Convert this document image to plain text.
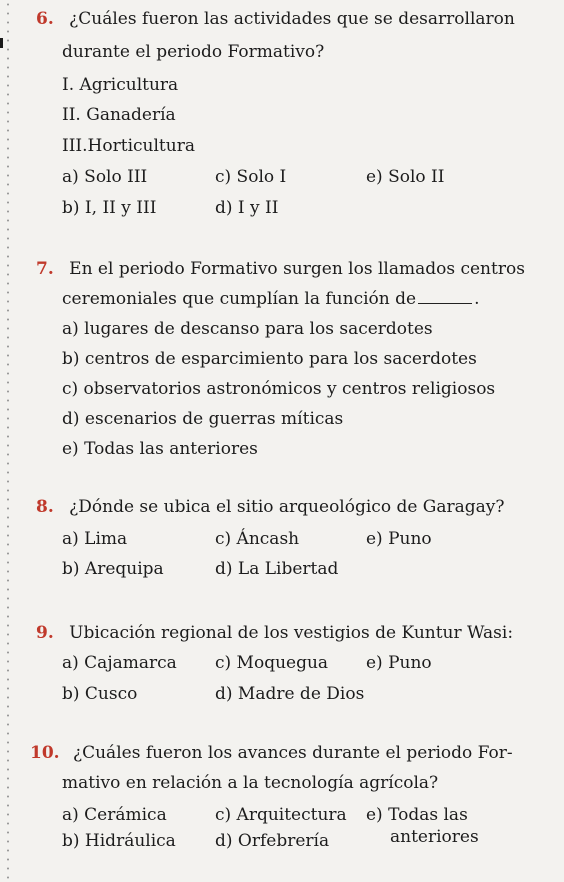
6. ¿Cuáles fueron las actividades que se desarrollaron
durante el periodo Formativo?
I. Agricultura
II. Ganadería
III.Horticultura
a) Solo III	c) Solo I	e) Solo II
b) I, II y III	d) I y II
7. En el periodo Formativo surgen los llamados centros
ceremoniales que cumplían la función de	.
a) lugares de descanso para los sacerdotes
b) centros de esparcimiento para los sacerdotes
c) observatorios astronómicos y centros religiosos
d) escenarios de guerras míticas
e) Todas las anteriores
8. ¿Dónde se ubica el sitio arqueológico de Garagay?
a) Lima	c) Áncash	e) Puno
b) Arequipa	d) La Libertad
9. Ubicación regional de los vestigios de Kuntur Wasi:
a) Cajamarca c) Moquegua e) Puno
b) Cusco	d) Madre de Dios
10. ¿Cuáles fueron los avances durante el periodo For-
mativo en relación a la tecnología agrícola?
a) Cerámica	c) Arquitectura e) Todas las
b) Hidráulica d) Orfebrería	anteriores
